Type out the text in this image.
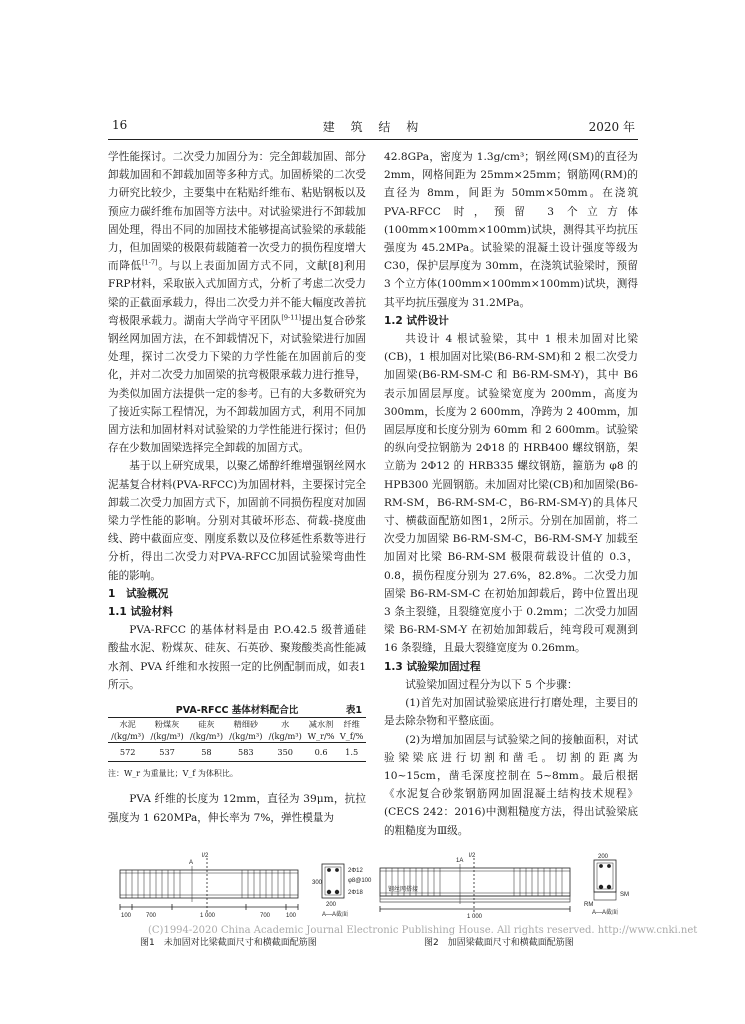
16	建 筑 结 构	2020 年

学性能探讨。二次受力加固分为：完全卸载加固、部分卸载加固和不卸载加固等多种方式。加固桥梁的二次受力研究比较少，主要集中在粘贴纤维布、粘贴钢板以及预应力碳纤维布加固等方法中。对试验梁进行不卸载加固处理，得出不同的加固技术能够提高试验梁的承载能力，但加固梁的极限荷载随着一次受力的损伤程度增大而降低[1-7]。与以上表面加固方式不同，文献[8]利用FRP材料，采取嵌入式加固方式，分析了考虑二次受力梁的正截面承载力，得出二次受力并不能大幅度改善抗弯极限承载力。湖南大学尚守平团队[9-11]提出复合砂浆钢丝网加固方法，在不卸载情况下，对试验梁进行加固处理，探讨二次受力下梁的力学性能在加固前后的变化，并对二次受力加固梁的抗弯极限承载力进行推导，为类似加固方法提供一定的参考。已有的大多数研究为了接近实际工程情况，为不卸载加固方式，利用不同加固方法和加固材料对试验梁的力学性能进行探讨；但仍存在少数加固梁选择完全卸载的加固方式。

基于以上研究成果，以聚乙烯醇纤维增强钢丝网水泥基复合材料(PVA-RFCC)为加固材料，主要探讨完全卸载二次受力加固方式下，加固前不同损伤程度对加固梁力学性能的影响。分别对其破坏形态、荷载-挠度曲线、跨中截面应变、刚度系数以及位移延性系数等进行分析，得出二次受力对PVA-RFCC加固试验梁弯曲性能的影响。

1　试验概况

1.1 试验材料

PVA-RFCC 的基体材料是由 P.O.42.5 级普通硅酸盐水泥、粉煤灰、硅灰、石英砂、聚羧酸类高性能减水剂、PVA 纤维和水按照一定的比例配制而成，如表1所示。

PVA-RFCC 基体材料配合比	表1
水泥	粉煤灰	硅灰	精细砂	水	减水剂	纤维
/(kg/m³)	/(kg/m³)	/(kg/m³)	/(kg/m³)	/(kg/m³)	W_r/%	V_f/%
572	537	58	583	350	0.6	1.5
注：W_r 为重量比；V_f 为体积比。

PVA 纤维的长度为 12mm，直径为 39μm，抗拉强度为 1 620MPa，伸长率为 7%，弹性模量为

42.8GPa，密度为 1.3g/cm³；钢丝网(SM)的直径为 2mm，网格间距为 25mm×25mm；钢筋网(RM)的直径为 8mm，间距为 50mm×50mm。在浇筑 PVA-RFCC 时，预留 3 个立方体(100mm×100mm×100mm)试块，测得其平均抗压强度为 45.2MPa。试验梁的混凝土设计强度等级为 C30，保护层厚度为 30mm，在浇筑试验梁时，预留 3 个立方体(100mm×100mm×100mm)试块，测得其平均抗压强度为 31.2MPa。

1.2 试件设计

共设计 4 根试验梁，其中 1 根未加固对比梁(CB)，1 根加固对比梁(B6-RM-SM)和 2 根二次受力加固梁(B6-RM-SM-C 和 B6-RM-SM-Y)，其中 B6 表示加固层厚度。试验梁宽度为 200mm，高度为 300mm，长度为 2 600mm，净跨为 2 400mm，加固层厚度和长度分别为 60mm 和 2 600mm。试验梁的纵向受拉钢筋为 2Φ18 的 HRB400 螺纹钢筋，架立筋为 2Φ12 的 HRB335 螺纹钢筋，箍筋为 φ8 的 HPB300 光圆钢筋。未加固对比梁(CB)和加固梁(B6-RM-SM，B6-RM-SM-C，B6-RM-SM-Y)的具体尺寸、横截面配筋如图1，2所示。分别在加固前，将二次受力加固梁 B6-RM-SM-C，B6-RM-SM-Y 加载至加固对比梁 B6-RM-SM 极限荷载设计值的 0.3，0.8，损伤程度分别为 27.6%，82.8%。二次受力加固梁 B6-RM-SM-C 在初始加卸载后，跨中位置出现 3 条主裂缝，且裂缝宽度小于 0.2mm；二次受力加固梁 B6-RM-SM-Y 在初始加卸载后，纯弯段可观测到 16 条裂缝，且最大裂缝宽度为 0.26mm。

1.3 试验梁加固过程

试验梁加固过程分为以下 5 个步骤：

(1)首先对加固试验梁底进行打磨处理，主要目的是去除杂物和平整底面。

(2)为增加加固层与试验梁之间的接触面积，对试验梁梁底进行切割和凿毛。切割的距离为 10~15cm，凿毛深度控制在 5~8mm。最后根据《水泥复合砂浆钢筋网加固混凝土结构技术规程》(CECS 242：2016)中测粗糙度方法，得出试验梁底的粗糙度为Ⅲ级。

l/2
A
100 700	1 000	700	100
2Φ12
φ8@100
2Φ18
300
200
A—A截面
l/2
1A
钢丝网搭接
1 000
SM
RM
200
A—A截面
(C)1994-2020 China Academic Journal Electronic Publishing House. All rights reserved. http://www.cnki.net
图1　未加固对比梁截面尺寸和横截面配筋图	图2　加固梁截面尺寸和横截面配筋图
